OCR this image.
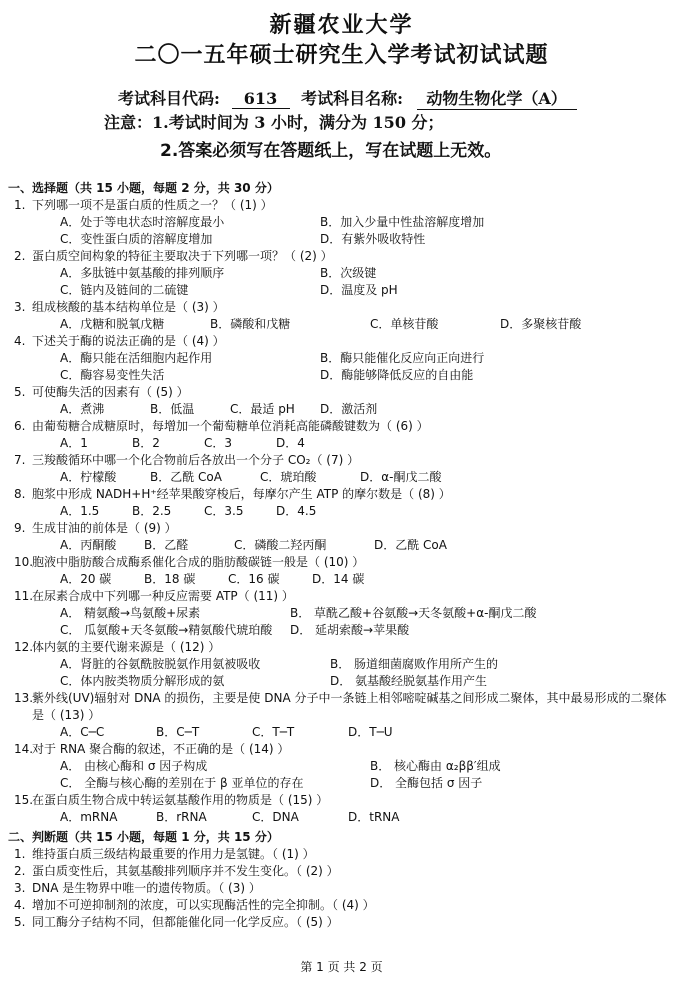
新疆农业大学
二〇一五年硕士研究生入学考试初试试题
考试科目代码: 613 考试科目名称: 动物生物化学（A）
注意：1.考试时间为 3 小时，满分为 150 分；
2.答案必须写在答题纸上，写在试题上无效。
一、选择题（共 15 小题，每题 2 分，共 30 分）
1. 下列哪一项不是蛋白质的性质之一？（ (1) ）
A．处于等电状态时溶解度最小	B．加入少量中性盐溶解度增加
C．变性蛋白质的溶解度增加	D．有紫外吸收特性
2. 蛋白质空间构象的特征主要取决于下列哪一项？（ (2) ）
A．多肽链中氨基酸的排列顺序	B．次级键
C．链内及链间的二硫键	D．温度及 pH
3. 组成核酸的基本结构单位是（ (3) ）
A．戊糖和脱氧戊糖	B．磷酸和戊糖	C．单核苷酸	D．多聚核苷酸
4. 下述关于酶的说法正确的是（ (4) ）
A．酶只能在活细胞内起作用	B．酶只能催化反应向正向进行
C．酶容易变性失活	D．酶能够降低反应的自由能
5. 可使酶失活的因素有（ (5) ）
A．煮沸	B．低温	C．最适 pH	D．激活剂
6. 由葡萄糖合成糖原时，每增加一个葡萄糖单位消耗高能磷酸键数为（ (6) ）
A．1	B．2	C．3	D．4
7. 三羧酸循环中哪一个化合物前后各放出一个分子 CO₂（ (7) ）
A．柠檬酸	B．乙酰 CoA	C．琥珀酸	D．α-酮戊二酸
8. 胞浆中形成 NADH+H⁺经苹果酸穿梭后，每摩尔产生 ATP 的摩尔数是（ (8) ）
A．1.5	B．2.5	C．3.5	D．4.5
9. 生成甘油的前体是（ (9) ）
A．丙酮酸	B．乙醛	C．磷酸二羟丙酮	D．乙酰 CoA
10.
胞液中脂肪酸合成酶系催化合成的脂肪酸碳链一般是（ (10) ）
A．20 碳	B．18 碳	C．16 碳	D．14 碳
11.
在尿素合成中下列哪一种反应需要 ATP（ (11) ）
A． 精氨酸→鸟氨酸+尿素	B． 草酰乙酸+谷氨酸→天冬氨酸+α-酮戊二酸
C． 瓜氨酸+天冬氨酸→精氨酸代琥珀酸	D． 延胡索酸→苹果酸
12.
体内氨的主要代谢来源是（ (12) ）
A．肾脏的谷氨酰胺脱氨作用氨被吸收	B． 肠道细菌腐败作用所产生的
C．体内胺类物质分解形成的氨	D． 氨基酸经脱氨基作用产生
13.
紫外线(UV)辐射对 DNA 的损伤，主要是使 DNA 分子中一条链上相邻嘧啶碱基之间形成二聚体，其中最易形成的二聚体是（ (13) ）
A．C─C	B．C─T	C．T─T	D．T─U
14.
对于 RNA 聚合酶的叙述，不正确的是（ (14) ）
A． 由核心酶和 σ 因子构成	B． 核心酶由 α₂ββ′组成
C． 全酶与核心酶的差别在于 β 亚单位的存在	D． 全酶包括 σ 因子
15.
在蛋白质生物合成中转运氨基酸作用的物质是（ (15) ）
A．mRNA	B．rRNA	C．DNA	D．tRNA
二、判断题（共 15 小题，每题 1 分，共 15 分）
1. 维持蛋白质三级结构最重要的作用力是氢键。（ (1) ）
2. 蛋白质变性后，其氨基酸排列顺序并不发生变化。（ (2) ）
3. DNA 是生物界中唯一的遗传物质。（ (3) ）
4. 增加不可逆抑制剂的浓度，可以实现酶活性的完全抑制。（ (4) ）
5. 同工酶分子结构不同，但都能催化同一化学反应。（ (5) ）
第 1 页 共 2 页
